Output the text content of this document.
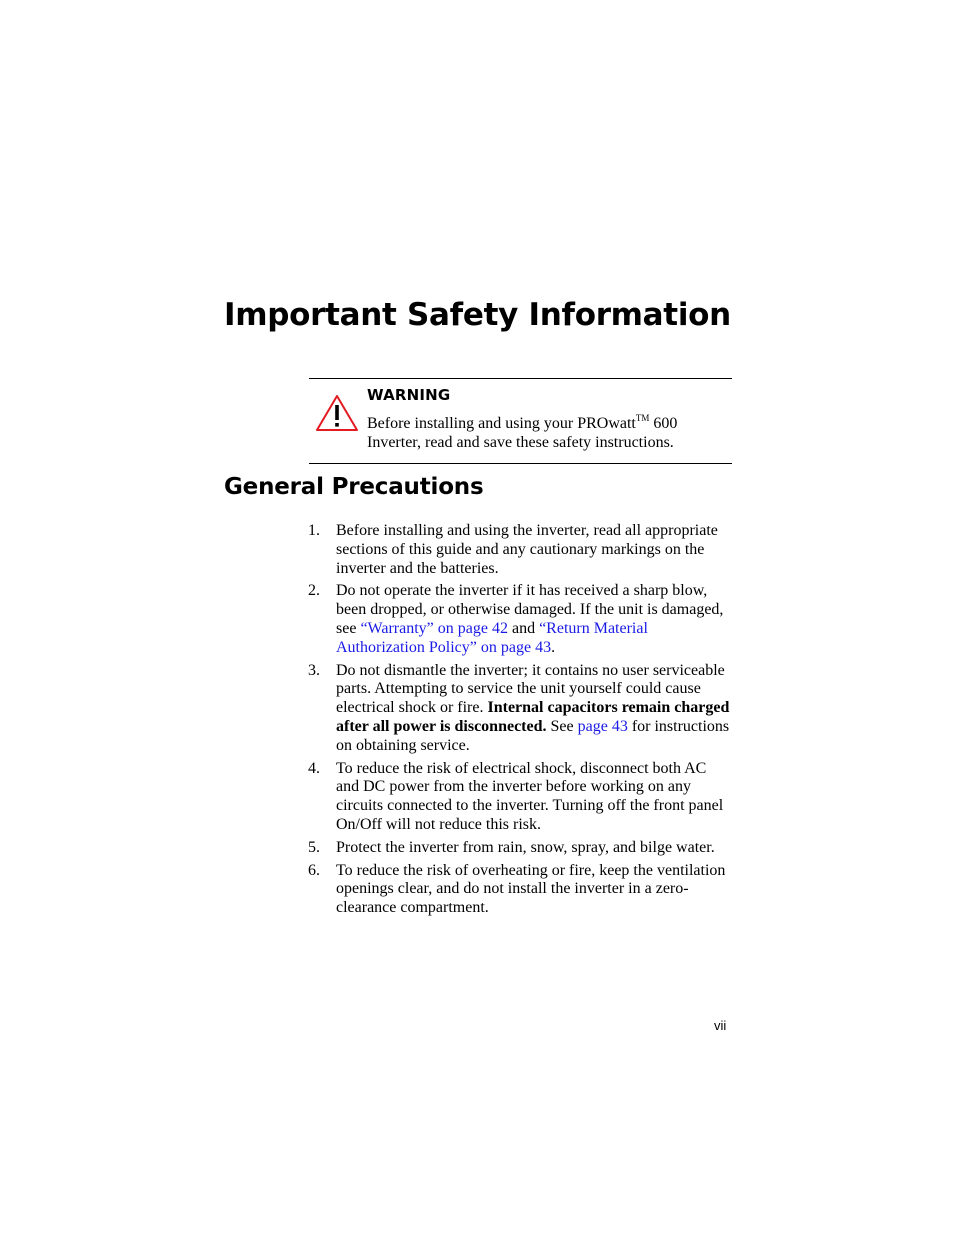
Important Safety Information
WARNING
Before installing and using your PROwatt™ 600 Inverter, read and save these safety instructions.
General Precautions
1. Before installing and using the inverter, read all appropriate sections of this guide and any cautionary markings on the inverter and the batteries.
2. Do not operate the inverter if it has received a sharp blow, been dropped, or otherwise damaged. If the unit is damaged, see “Warranty” on page 42 and “Return Material Authorization Policy” on page 43.
3. Do not dismantle the inverter; it contains no user serviceable parts. Attempting to service the unit yourself could cause electrical shock or fire. Internal capacitors remain charged after all power is disconnected. See page 43 for instructions on obtaining service.
4. To reduce the risk of electrical shock, disconnect both AC and DC power from the inverter before working on any circuits connected to the inverter. Turning off the front panel On/Off will not reduce this risk.
5. Protect the inverter from rain, snow, spray, and bilge water.
6. To reduce the risk of overheating or fire, keep the ventilation openings clear, and do not install the inverter in a zero-clearance compartment.
vii
